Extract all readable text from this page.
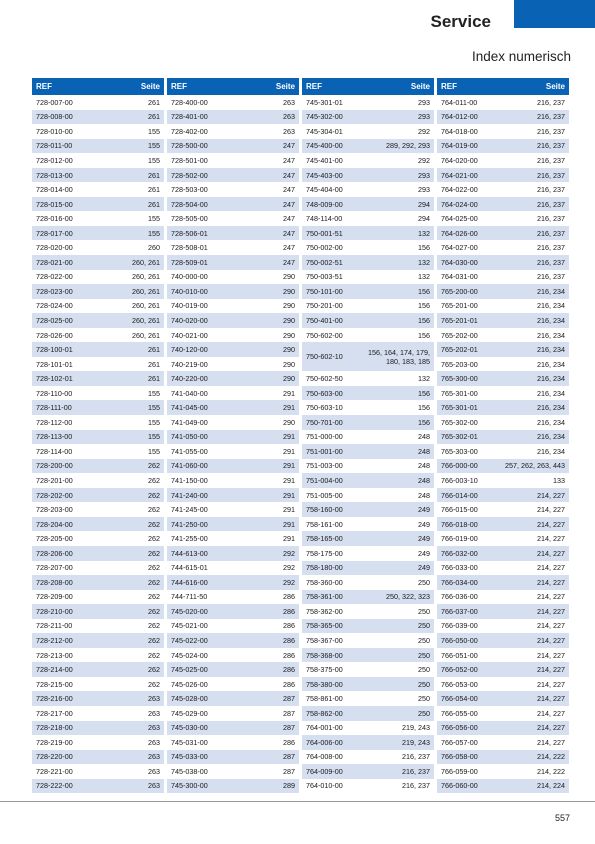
Service
Index numerisch
REF	Seite
728-007-00	261
728-008-00	261
728-010-00	155
728-011-00	155
728-012-00	155
728-013-00	261
728-014-00	261
728-015-00	261
728-016-00	155
728-017-00	155
728-020-00	260
728-021-00	260, 261
728-022-00	260, 261
728-023-00	260, 261
728-024-00	260, 261
728-025-00	260, 261
728-026-00	260, 261
728-100-01	261
728-101-01	261
728-102-01	261
728-110-00	155
728-111-00	155
728-112-00	155
728-113-00	155
728-114-00	155
728-200-00	262
728-201-00	262
728-202-00	262
728-203-00	262
728-204-00	262
728-205-00	262
728-206-00	262
728-207-00	262
728-208-00	262
728-209-00	262
728-210-00	262
728-211-00	262
728-212-00	262
728-213-00	262
728-214-00	262
728-215-00	262
728-216-00	263
728-217-00	263
728-218-00	263
728-219-00	263
728-220-00	263
728-221-00	263
728-222-00	263
REF	Seite
728-400-00	263
728-401-00	263
728-402-00	263
728-500-00	247
728-501-00	247
728-502-00	247
728-503-00	247
728-504-00	247
728-505-00	247
728-506-01	247
728-508-01	247
728-509-01	247
740-000-00	290
740-010-00	290
740-019-00	290
740-020-00	290
740-021-00	290
740-120-00	290
740-219-00	290
740-220-00	290
741-040-00	291
741-045-00	291
741-049-00	290
741-050-00	291
741-055-00	291
741-060-00	291
741-150-00	291
741-240-00	291
741-245-00	291
741-250-00	291
741-255-00	291
744-613-00	292
744-615-01	292
744-616-00	292
744-711-50	286
745-020-00	286
745-021-00	286
745-022-00	286
745-024-00	286
745-025-00	286
745-026-00	286
745-028-00	287
745-029-00	287
745-030-00	287
745-031-00	286
745-033-00	287
745-038-00	287
745-300-00	289
REF	Seite
745-301-01	293
745-302-00	293
745-304-01	292
745-400-00	289, 292, 293
745-401-00	292
745-403-00	293
745-404-00	293
748-009-00	294
748-114-00	294
750-001-51	132
750-002-00	156
750-002-51	132
750-003-51	132
750-101-00	156
750-201-00	156
750-401-00	156
750-602-00	156
750-602-10	156, 164, 174, 179,
180, 183, 185
750-602-50	132
750-603-00	156
750-603-10	156
750-701-00	156
751-000-00	248
751-001-00	248
751-003-00	248
751-004-00	248
751-005-00	248
758-160-00	249
758-161-00	249
758-165-00	249
758-175-00	249
758-180-00	249
758-360-00	250
758-361-00	250, 322, 323
758-362-00	250
758-365-00	250
758-367-00	250
758-368-00	250
758-375-00	250
758-380-00	250
758-861-00	250
758-862-00	250
764-001-00	219, 243
764-006-00	219, 243
764-008-00	216, 237
764-009-00	216, 237
764-010-00	216, 237
REF	Seite
764-011-00	216, 237
764-012-00	216, 237
764-018-00	216, 237
764-019-00	216, 237
764-020-00	216, 237
764-021-00	216, 237
764-022-00	216, 237
764-024-00	216, 237
764-025-00	216, 237
764-026-00	216, 237
764-027-00	216, 237
764-030-00	216, 237
764-031-00	216, 237
765-200-00	216, 234
765-201-00	216, 234
765-201-01	216, 234
765-202-00	216, 234
765-202-01	216, 234
765-203-00	216, 234
765-300-00	216, 234
765-301-00	216, 234
765-301-01	216, 234
765-302-00	216, 234
765-302-01	216, 234
765-303-00	216, 234
766-000-00	257, 262, 263, 443
766-003-10	133
766-014-00	214, 227
766-015-00	214, 227
766-018-00	214, 227
766-019-00	214, 227
766-032-00	214, 227
766-033-00	214, 227
766-034-00	214, 227
766-036-00	214, 227
766-037-00	214, 227
766-039-00	214, 227
766-050-00	214, 227
766-051-00	214, 227
766-052-00	214, 227
766-053-00	214, 227
766-054-00	214, 227
766-055-00	214, 227
766-056-00	214, 227
766-057-00	214, 227
766-058-00	214, 222
766-059-00	214, 222
766-060-00	214, 224
557
